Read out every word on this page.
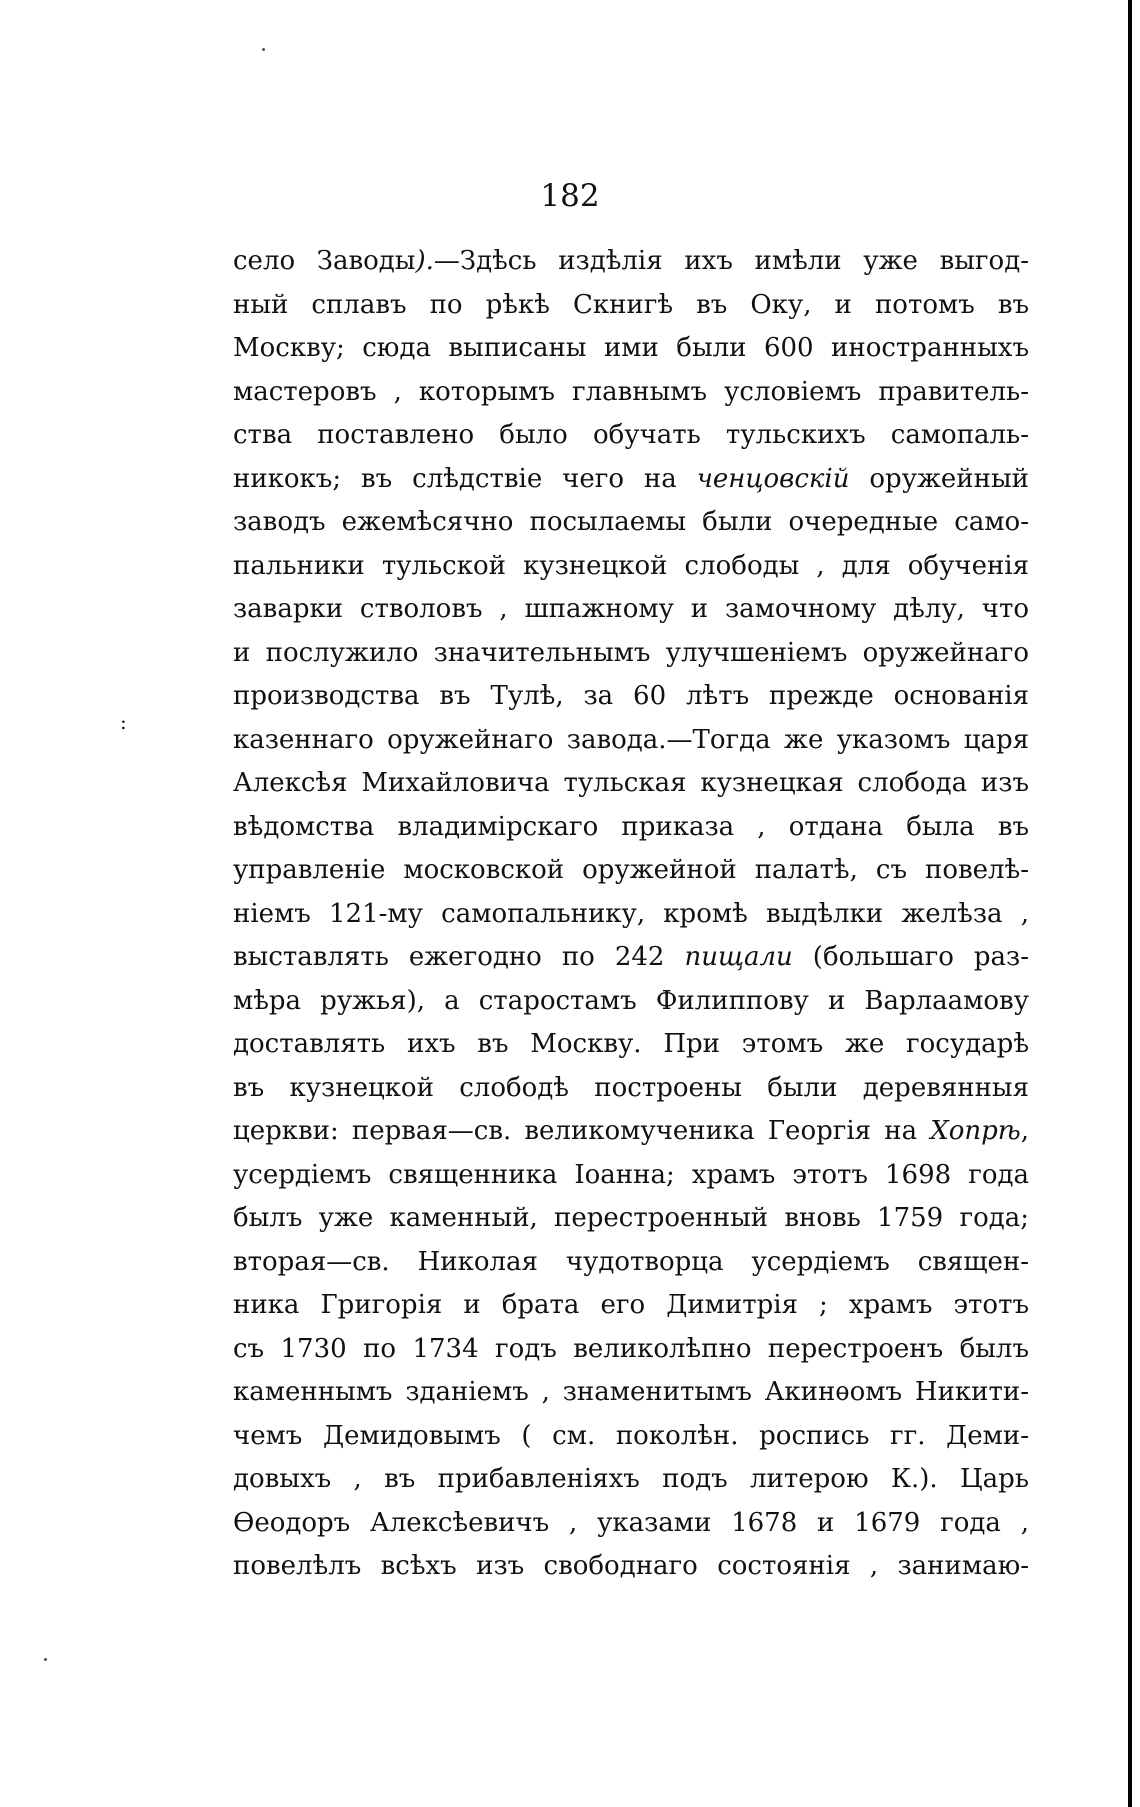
182
:
село Заводы).—Здѣсь издѣлія ихъ имѣли уже выгод-
ный сплавъ по рѣкѣ Скнигѣ въ Оку, и потомъ въ
Москву; сюда выписаны ими были 600 иностранныхъ
мастеровъ , которымъ главнымъ условіемъ правитель-
ства поставлено было обучать тульскихъ самопаль-
никокъ; въ слѣдствіе чего на ченцовскій оружейный
заводъ ежемѣсячно посылаемы были очередные само-
пальники тульской кузнецкой слободы , для обученія
заварки стволовъ , шпажному и замочному дѣлу, что
и послужило значительнымъ улучшеніемъ оружейнаго
производства въ Тулѣ, за 60 лѣтъ прежде основанія
казеннаго оружейнаго завода.—Тогда же указомъ царя
Алексѣя Михайловича тульская кузнецкая слобода изъ
вѣдомства владимірскаго приказа , отдана была въ
управленіе московской оружейной палатѣ, съ повелѣ-
ніемъ 121-му самопальнику, кромѣ выдѣлки желѣза ,
выставлять ежегодно по 242 пищали (большаго раз-
мѣра ружья), а старостамъ Филиппову и Варлаамову
доставлять ихъ въ Москву. При этомъ же государѣ
въ кузнецкой слободѣ построены были деревянныя
церкви: первая—св. великомученика Георгія на Хопрѣ,
усердіемъ священника Іоанна; храмъ этотъ 1698 года
былъ уже каменный, перестроенный вновь 1759 года;
вторая—св. Николая чудотворца усердіемъ священ-
ника Григорія и брата его Димитрія ; храмъ этотъ
съ 1730 по 1734 годъ великолѣпно перестроенъ былъ
каменнымъ зданіемъ , знаменитымъ Акинѳомъ Никити-
чемъ Демидовымъ ( см. поколѣн. роспись гг. Деми-
довыхъ , въ прибавленіяхъ подъ литерою К.). Царь
Ѳеодоръ Алексѣевичъ , указами 1678 и 1679 года ,
повелѣлъ всѣхъ изъ свободнаго состоянія , занимаю-
